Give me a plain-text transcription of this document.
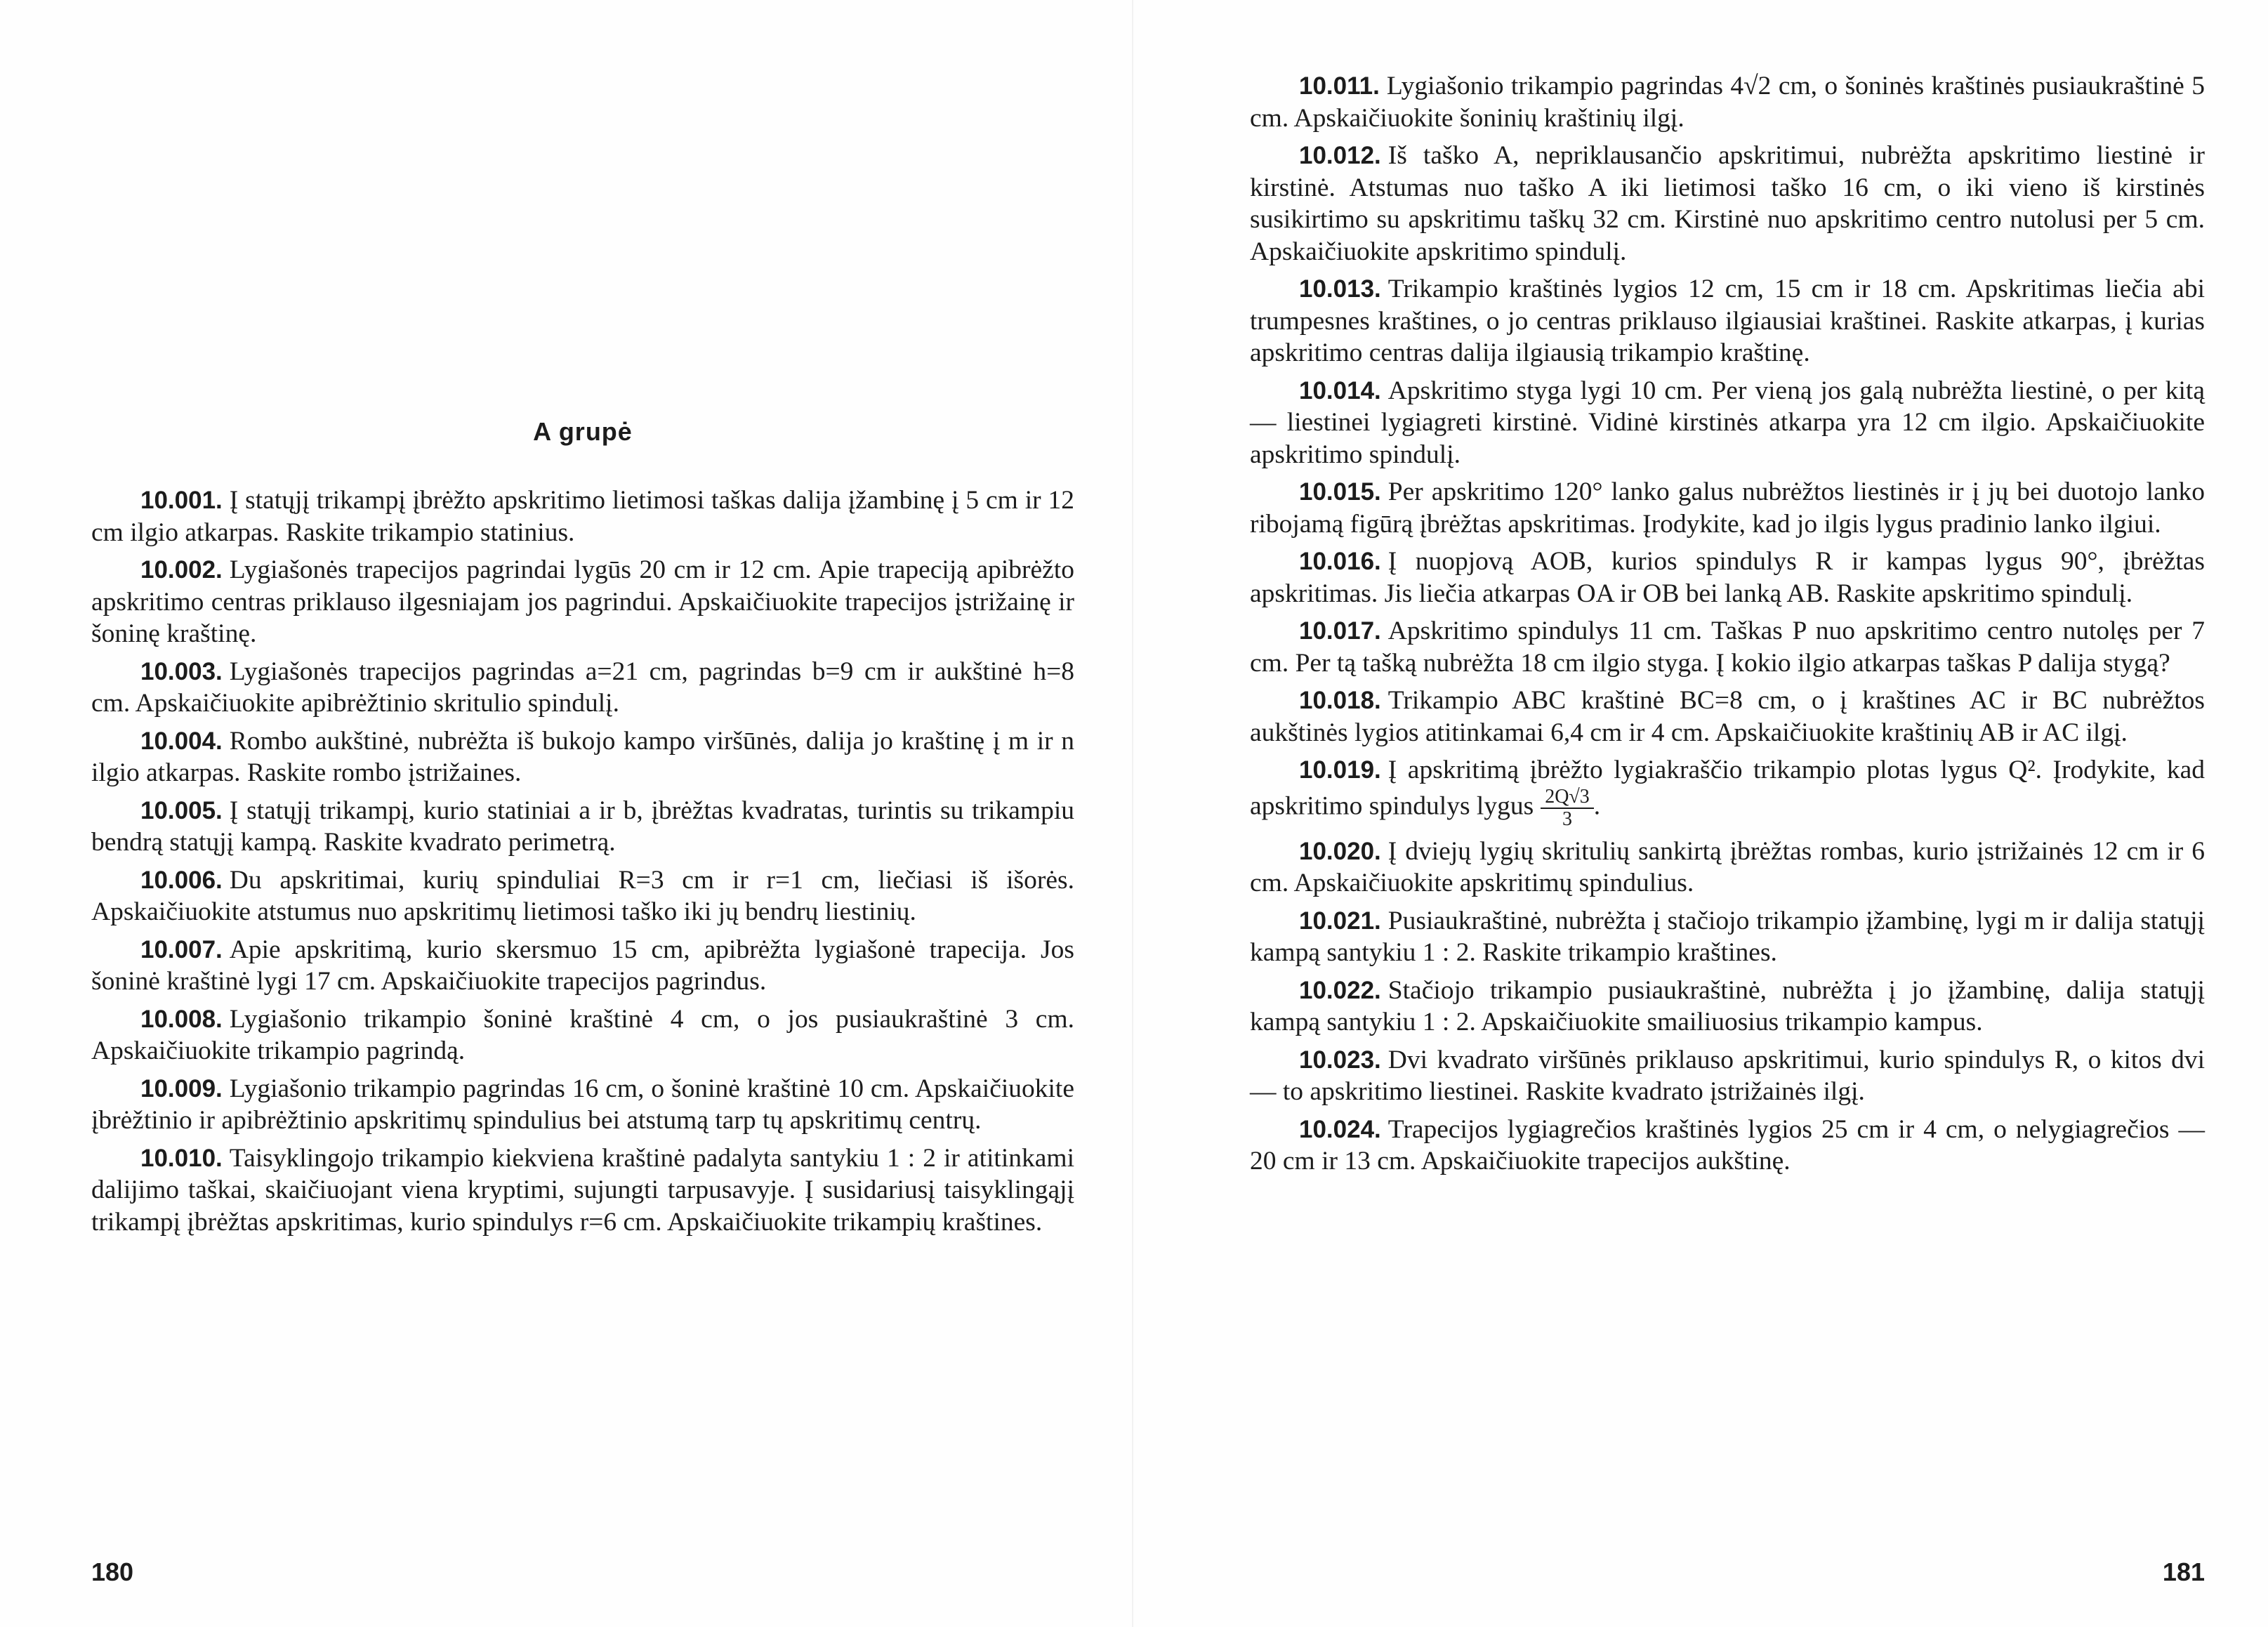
A grupė

10.001. Į statųjį trikampį įbrėžto apskritimo lietimosi taškas dalija įžambinę į 5 cm ir 12 cm ilgio atkarpas. Raskite trikampio statinius.

10.002. Lygiašonės trapecijos pagrindai lygūs 20 cm ir 12 cm. Apie trapeciją apibrėžto apskritimo centras priklauso ilgesniajam jos pagrindui. Apskaičiuokite trapecijos įstrižainę ir šoninę kraštinę.

10.003. Lygiašonės trapecijos pagrindas a=21 cm, pagrindas b=9 cm ir aukštinė h=8 cm. Apskaičiuokite apibrėžtinio skritulio spindulį.

10.004. Rombo aukštinė, nubrėžta iš bukojo kampo viršūnės, dalija jo kraštinę į m ir n ilgio atkarpas. Raskite rombo įstrižaines.

10.005. Į statųjį trikampį, kurio statiniai a ir b, įbrėžtas kvadratas, turintis su trikampiu bendrą statųjį kampą. Raskite kvadrato perimetrą.

10.006. Du apskritimai, kurių spinduliai R=3 cm ir r=1 cm, liečiasi iš išorės. Apskaičiuokite atstumus nuo apskritimų lietimosi taško iki jų bendrų liestinių.

10.007. Apie apskritimą, kurio skersmuo 15 cm, apibrėžta lygiašonė trapecija. Jos šoninė kraštinė lygi 17 cm. Apskaičiuokite trapecijos pagrindus.

10.008. Lygiašonio trikampio šoninė kraštinė 4 cm, o jos pusiaukraštinė 3 cm. Apskaičiuokite trikampio pagrindą.

10.009. Lygiašonio trikampio pagrindas 16 cm, o šoninė kraštinė 10 cm. Apskaičiuokite įbrėžtinio ir apibrėžtinio apskritimų spindulius bei atstumą tarp tų apskritimų centrų.

10.010. Taisyklingojo trikampio kiekviena kraštinė padalyta santykiu 1 : 2 ir atitinkami dalijimo taškai, skaičiuojant viena kryptimi, sujungti tarpusavyje. Į susidariusį taisyklingąjį trikampį įbrėžtas apskritimas, kurio spindulys r=6 cm. Apskaičiuokite trikampių kraštines.

180

10.011. Lygiašonio trikampio pagrindas 4√2 cm, o šoninės kraštinės pusiaukraštinė 5 cm. Apskaičiuokite šoninių kraštinių ilgį.

10.012. Iš taško A, nepriklausančio apskritimui, nubrėžta apskritimo liestinė ir kirstinė. Atstumas nuo taško A iki lietimosi taško 16 cm, o iki vieno iš kirstinės susikirtimo su apskritimu taškų 32 cm. Kirstinė nuo apskritimo centro nutolusi per 5 cm. Apskaičiuokite apskritimo spindulį.

10.013. Trikampio kraštinės lygios 12 cm, 15 cm ir 18 cm. Apskritimas liečia abi trumpesnes kraštines, o jo centras priklauso ilgiausiai kraštinei. Raskite atkarpas, į kurias apskritimo centras dalija ilgiausią trikampio kraštinę.

10.014. Apskritimo styga lygi 10 cm. Per vieną jos galą nubrėžta liestinė, o per kitą — liestinei lygiagreti kirstinė. Vidinė kirstinės atkarpa yra 12 cm ilgio. Apskaičiuokite apskritimo spindulį.

10.015. Per apskritimo 120° lanko galus nubrėžtos liestinės ir į jų bei duotojo lanko ribojamą figūrą įbrėžtas apskritimas. Įrodykite, kad jo ilgis lygus pradinio lanko ilgiui.

10.016. Į nuopjovą AOB, kurios spindulys R ir kampas lygus 90°, įbrėžtas apskritimas. Jis liečia atkarpas OA ir OB bei lanką AB. Raskite apskritimo spindulį.

10.017. Apskritimo spindulys 11 cm. Taškas P nuo apskritimo centro nutolęs per 7 cm. Per tą tašką nubrėžta 18 cm ilgio styga. Į kokio ilgio atkarpas taškas P dalija stygą?

10.018. Trikampio ABC kraštinė BC=8 cm, o į kraštines AC ir BC nubrėžtos aukštinės lygios atitinkamai 6,4 cm ir 4 cm. Apskaičiuokite kraštinių AB ir AC ilgį.

10.019. Į apskritimą įbrėžto lygiakraščio trikampio plotas lygus Q². Įrodykite, kad apskritimo spindulys lygus $\frac{2Q√3}{3}$ .

10.020. Į dviejų lygių skritulių sankirtą įbrėžtas rombas, kurio įstrižainės 12 cm ir 6 cm. Apskaičiuokite apskritimų spindulius.

10.021. Pusiaukraštinė, nubrėžta į stačiojo trikampio įžambinę, lygi m ir dalija statųjį kampą santykiu 1 : 2. Raskite trikampio kraštines.

10.022. Stačiojo trikampio pusiaukraštinė, nubrėžta į jo įžambinę, dalija statųjį kampą santykiu 1 : 2. Apskaičiuokite smailiuosius trikampio kampus.

10.023. Dvi kvadrato viršūnės priklauso apskritimui, kurio spindulys R, o kitos dvi — to apskritimo liestinei. Raskite kvadrato įstrižainės ilgį.

10.024. Trapecijos lygiagrečios kraštinės lygios 25 cm ir 4 cm, o nelygiagrečios — 20 cm ir 13 cm. Apskaičiuokite trapecijos aukštinę.

181
